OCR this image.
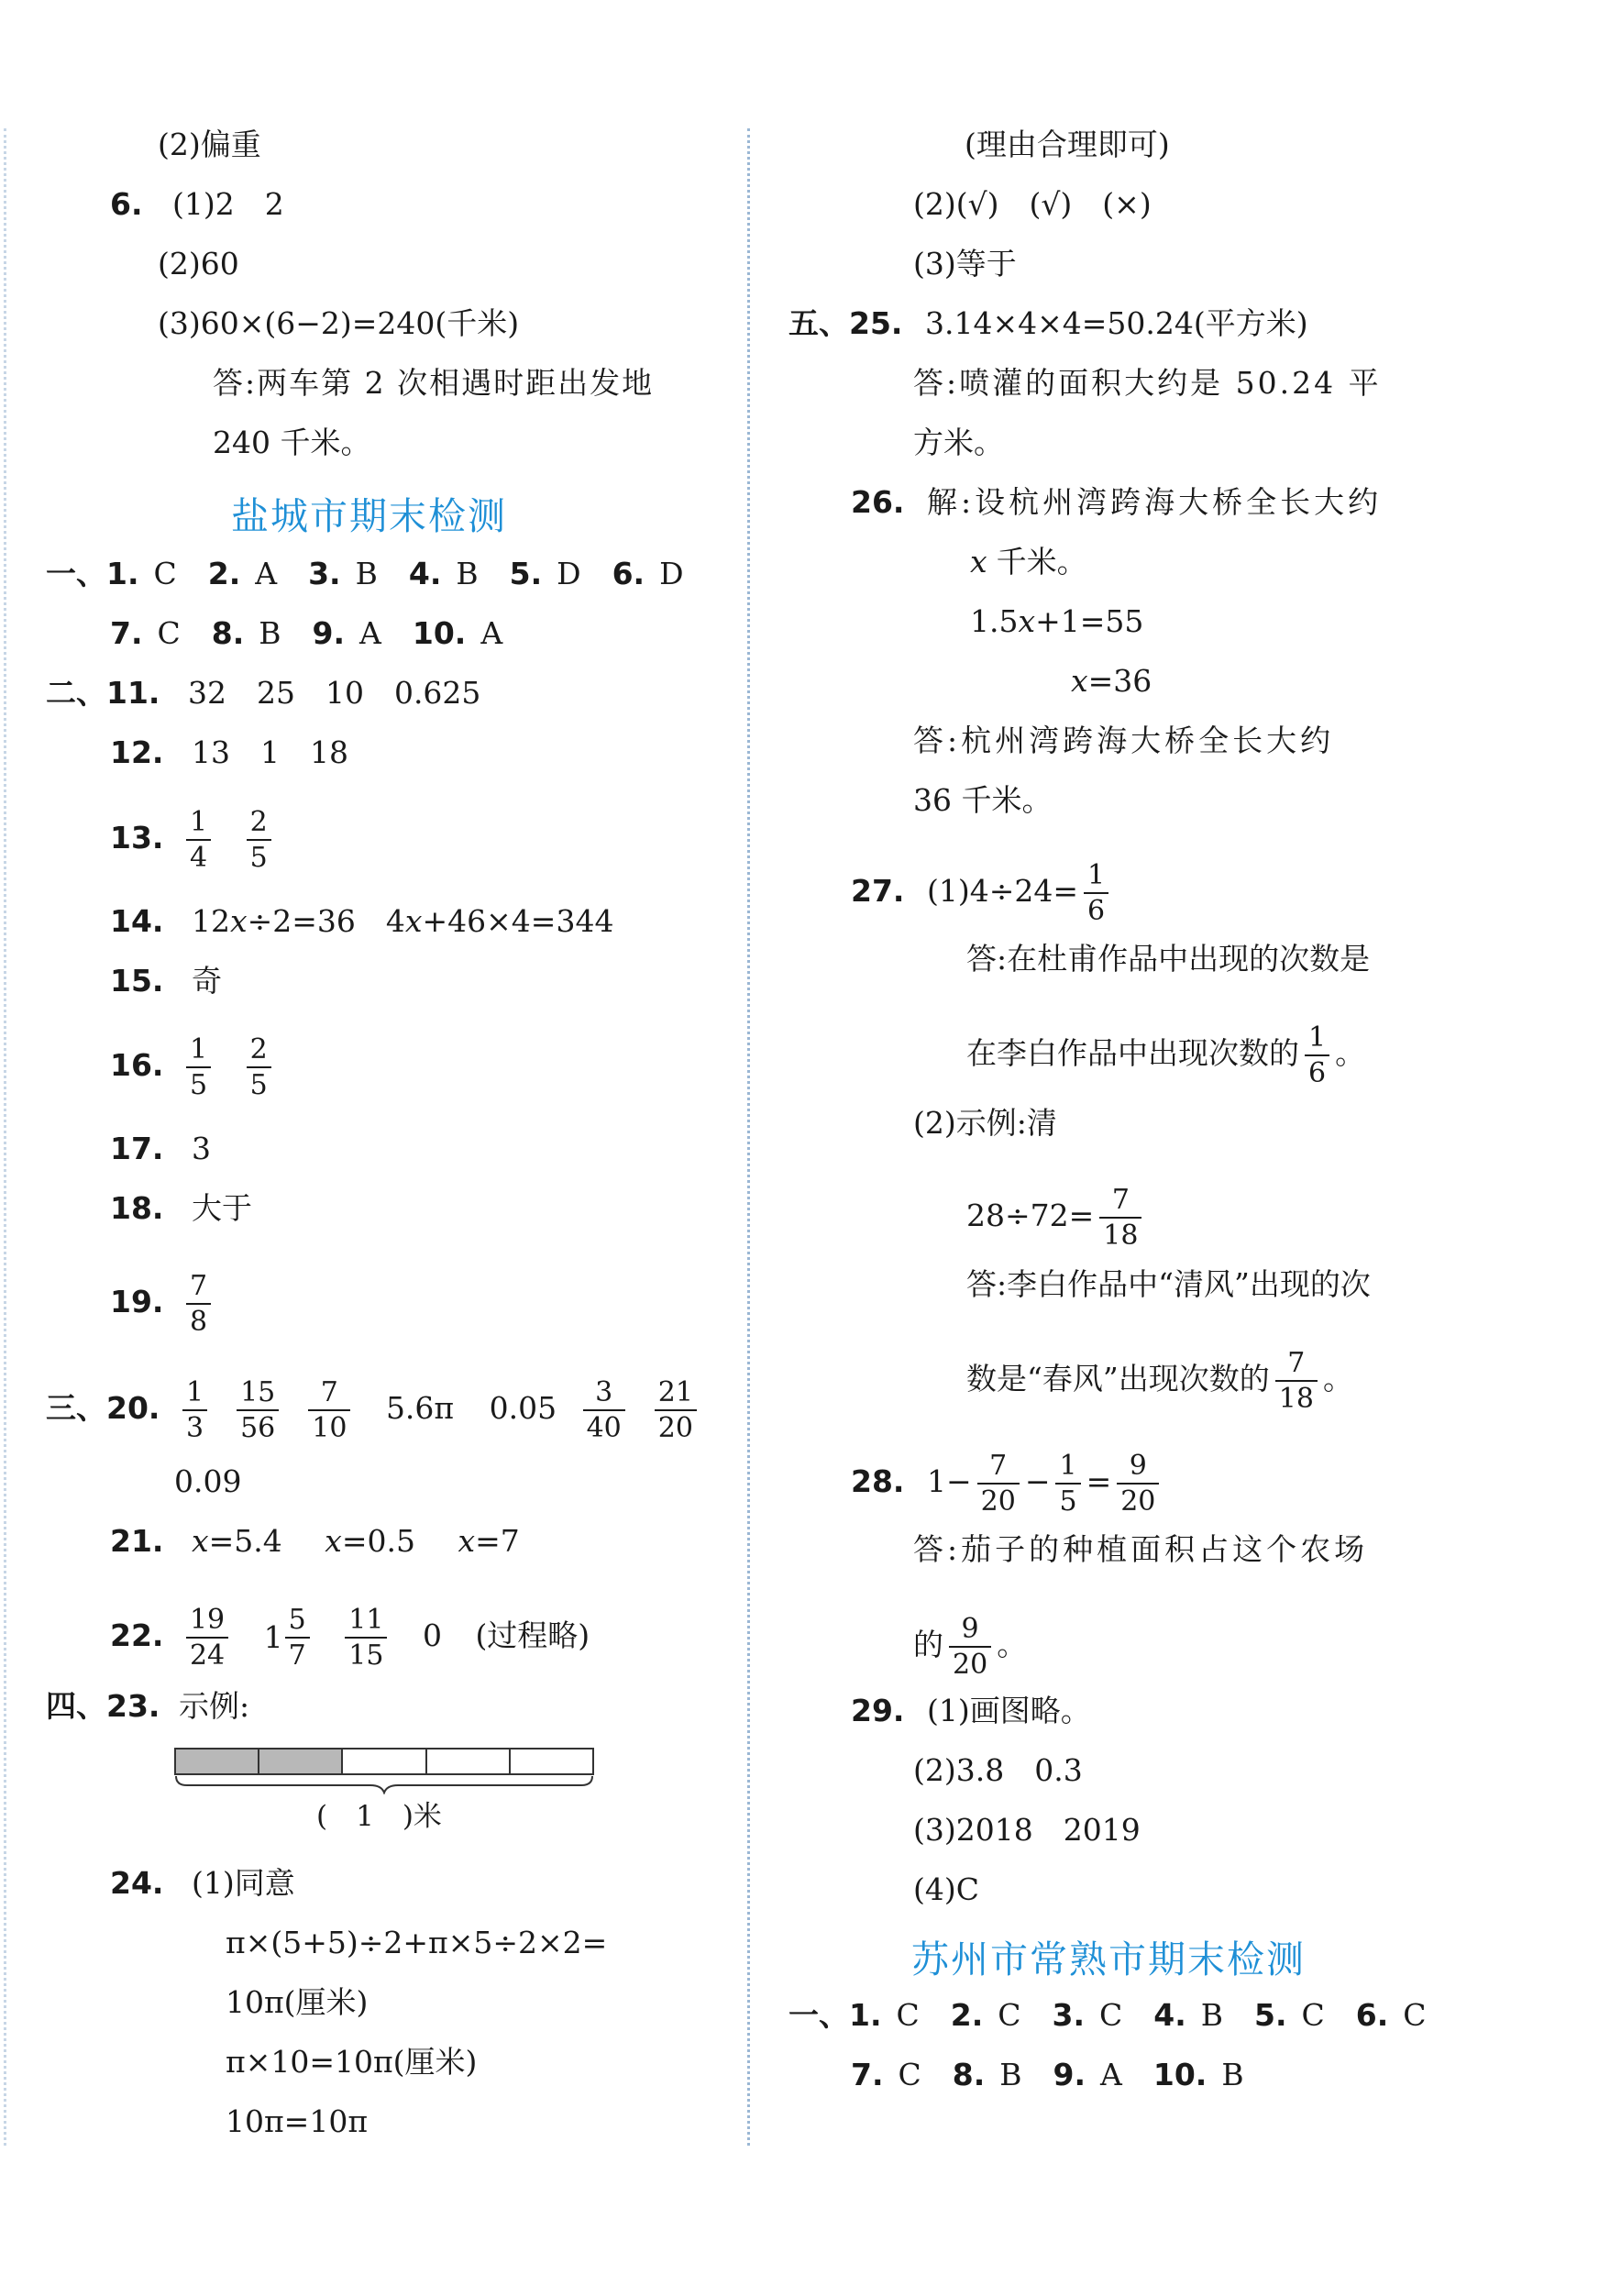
(2)偏重
6. (1)2　2
(2)60
(3)60×(6−2)=240(千米)
答:两车第 2 次相遇时距出发地
240 千米。
盐城市期末检测
一、1. C 2. A 3. B 4. B 5. D 6. D
7. C 8. B 9. A 10. A
二、11. 32　25　10　0.625
12. 13　1　18
13. $\frac{1}{4}$
$\frac{2}{5}$
14. 12x÷2=36　4x+46×4=344
15. 奇
16. $\frac{1}{5}$
$\frac{2}{5}$
17. 3
18. 大于
19. $\frac{7}{8}$
三、20. $\frac{1}{3} \frac{15}{56} \frac{7}{10} 5.6\pi$ $0.05 \frac{3}{40} \frac{21}{20}$
0.09
21. x=5.4 x=0.5 x=7
22. $\frac{19}{24}$
$1 \frac{5}{7}$
$\frac{11}{15} 0$ (过程略)
四、23. 示例:
(　1　)米
24. (1)同意
π×(5+5)÷2+π×5÷2×2=
10π(厘米)
π×10=10π(厘米)
10π=10π
(理由合理即可)
(2)(√)　(√)　(×)
(3)等于
五、25. 3.14×4×4=50.24(平方米)
答:喷灌的面积大约是 50.24 平
方米。
26. 解:设杭州湾跨海大桥全长大约
x 千米。
1.5x+1=55
x=36
答:杭州湾跨海大桥全长大约
36 千米。
27. $(1)4\div 24= \frac{1}{6}$
答:在杜甫作品中出现的次数是
在李白作品中出现次数的 $\frac{1}{6}$ 。
(2)示例:清
$28\div 72= \frac{7}{18}$
答:李白作品中“清风”出现的次
数是“春风”出现次数的 $\frac{7}{18}$ 。
28. $1- \frac{7}{20} - \frac{1}{5} = \frac{9}{20}$
答:茄子的种植面积占这个农场
的 $\frac{9}{20}$ 。
29. (1)画图略。
(2)3.8　0.3
(3)2018　2019
(4)C
苏州市常熟市期末检测
一、1. C 2. C 3. C 4. B 5. C 6. C
7. C 8. B 9. A 10. B
